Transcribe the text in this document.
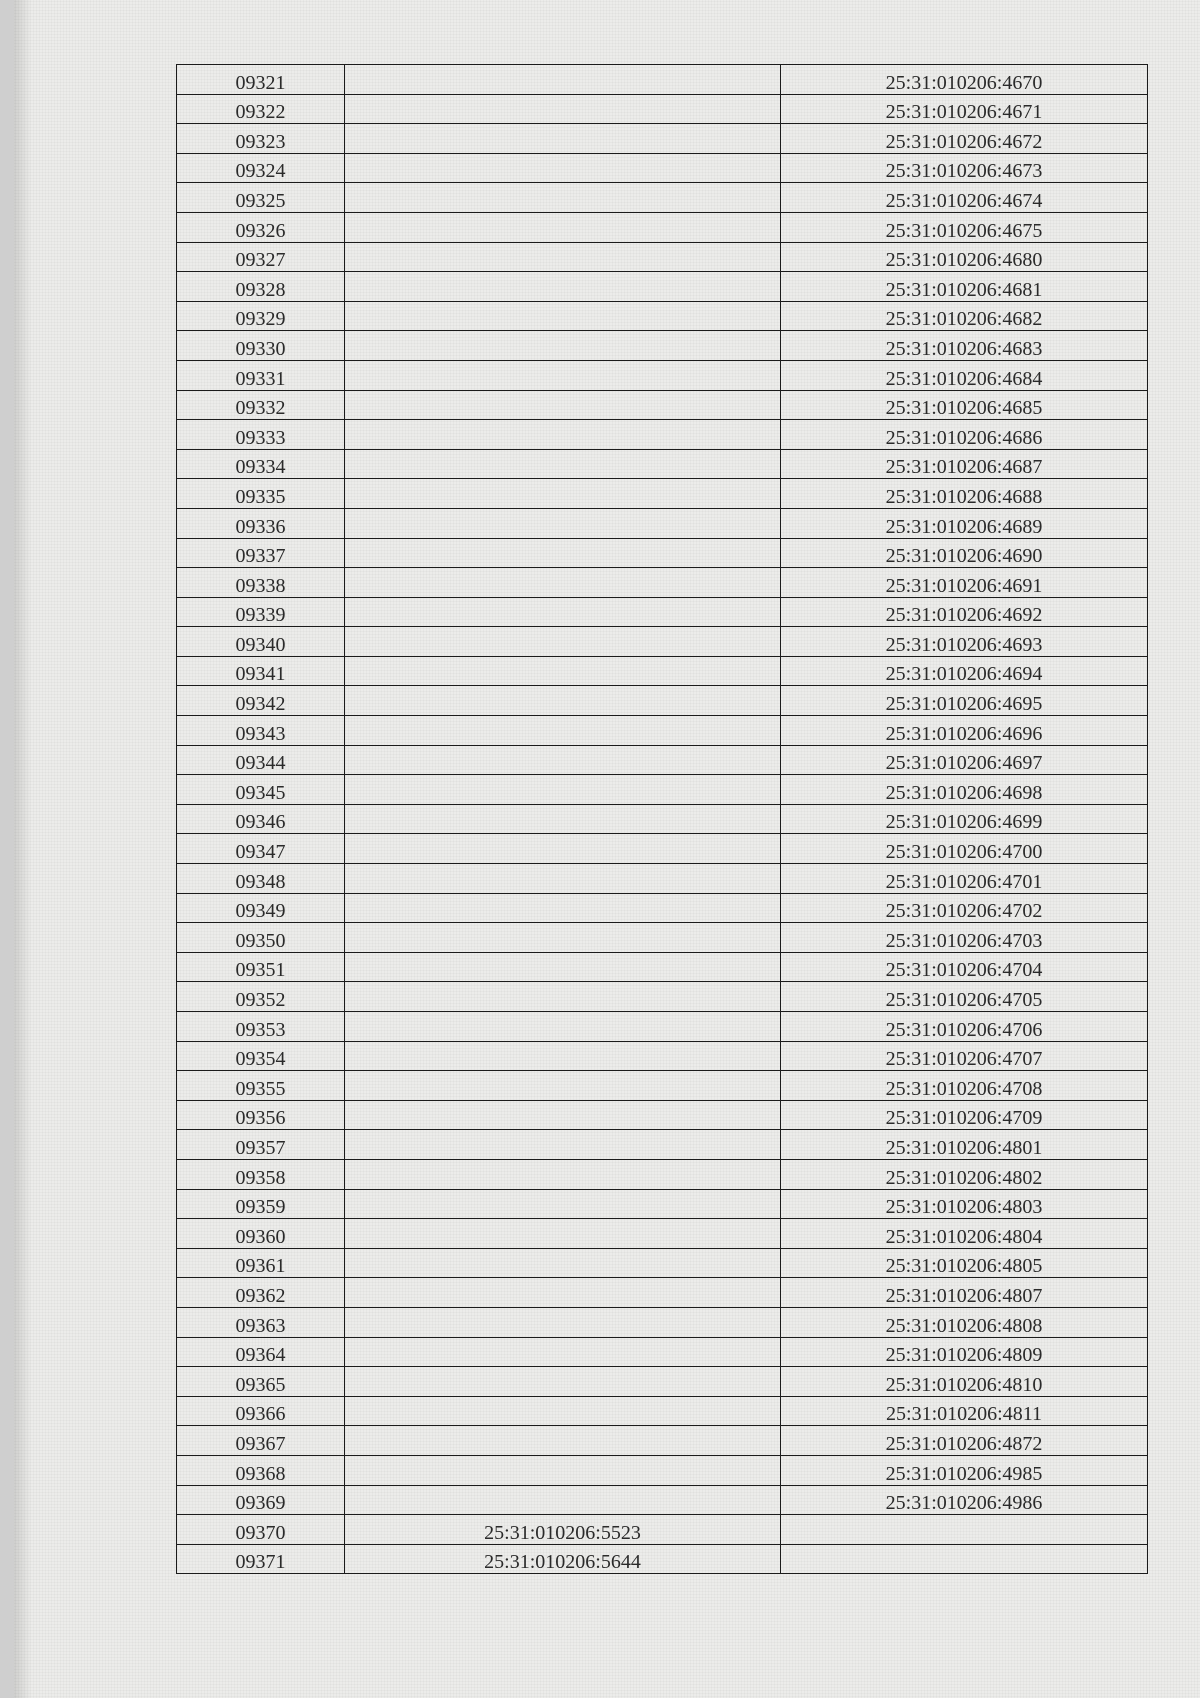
09321		25:31:010206:4670
09322		25:31:010206:4671
09323		25:31:010206:4672
09324		25:31:010206:4673
09325		25:31:010206:4674
09326		25:31:010206:4675
09327		25:31:010206:4680
09328		25:31:010206:4681
09329		25:31:010206:4682
09330		25:31:010206:4683
09331		25:31:010206:4684
09332		25:31:010206:4685
09333		25:31:010206:4686
09334		25:31:010206:4687
09335		25:31:010206:4688
09336		25:31:010206:4689
09337		25:31:010206:4690
09338		25:31:010206:4691
09339		25:31:010206:4692
09340		25:31:010206:4693
09341		25:31:010206:4694
09342		25:31:010206:4695
09343		25:31:010206:4696
09344		25:31:010206:4697
09345		25:31:010206:4698
09346		25:31:010206:4699
09347		25:31:010206:4700
09348		25:31:010206:4701
09349		25:31:010206:4702
09350		25:31:010206:4703
09351		25:31:010206:4704
09352		25:31:010206:4705
09353		25:31:010206:4706
09354		25:31:010206:4707
09355		25:31:010206:4708
09356		25:31:010206:4709
09357		25:31:010206:4801
09358		25:31:010206:4802
09359		25:31:010206:4803
09360		25:31:010206:4804
09361		25:31:010206:4805
09362		25:31:010206:4807
09363		25:31:010206:4808
09364		25:31:010206:4809
09365		25:31:010206:4810
09366		25:31:010206:4811
09367		25:31:010206:4872
09368		25:31:010206:4985
09369		25:31:010206:4986
09370	25:31:010206:5523	
09371	25:31:010206:5644	
